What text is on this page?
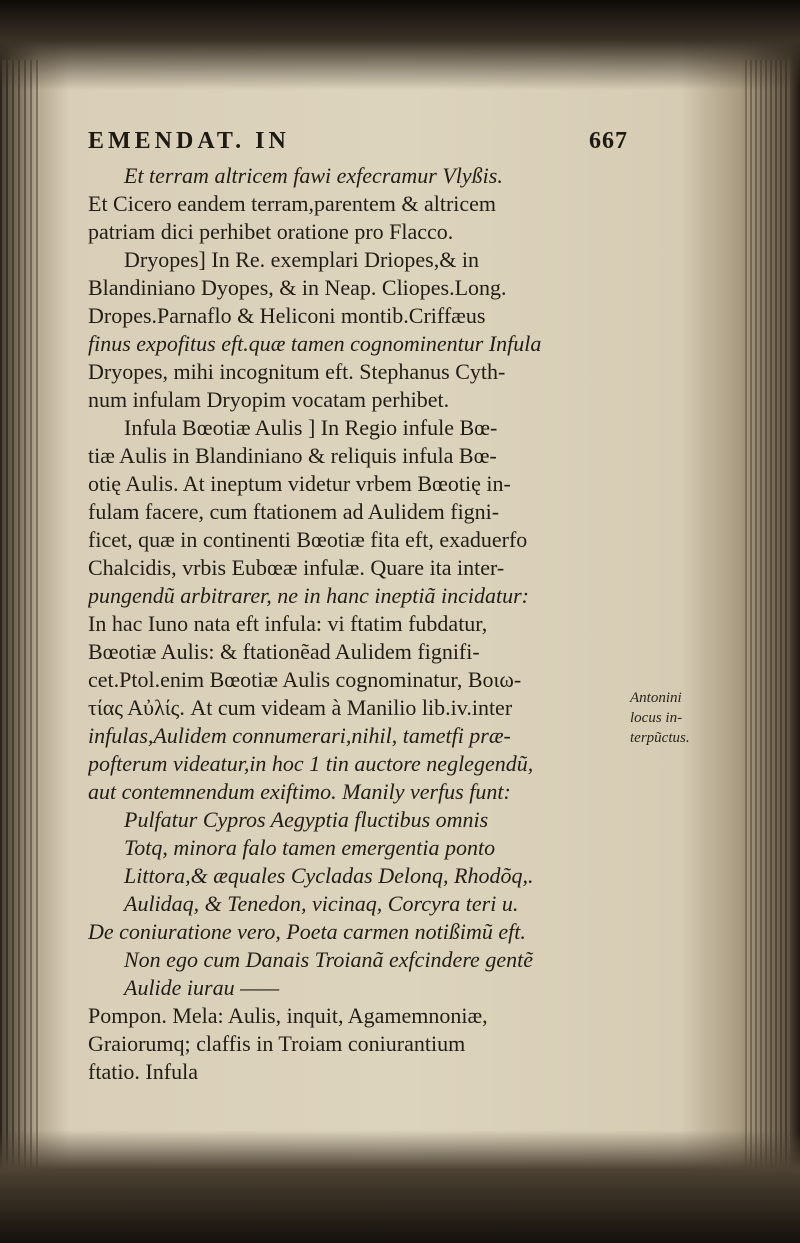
EMENDAT. IN	667
Et terram altricem fawi exfecramur Vlyßis.
Et Cicero eandem terram,parentem & altricem
patriam dici perhibet oratione pro Flacco.
Dryopes] In Re. exemplari Driopes,& in
Blandiniano Dyopes, & in Neap. Cliopes.Long.
Dropes.Parnaflo & Heliconi montib.Criffæus
finus expofitus eft.quæ tamen cognominentur Infula
Dryopes, mihi incognitum eft. Stephanus Cyth-
num infulam Dryopim vocatam perhibet.
Infula Bœotiæ Aulis ] In Regio infule Bœ-
tiæ Aulis in Blandiniano & reliquis infula Bœ-
otię Aulis. At ineptum videtur vrbem Bœotię in-
fulam facere, cum ftationem ad Aulidem figni-
ficet, quæ in continenti Bœotiæ fita eft, exaduerfo
Chalcidis, vrbis Eubœæ infulæ. Quare ita inter-
pungendũ arbitrarer, ne in hanc ineptiã incidatur:
In hac Iuno nata eft infula: vi ftatim fubdatur,
Bœotiæ Aulis: & ftationẽad Aulidem fignifi-
cet.Ptol.enim Bœotiæ Aulis cognominatur, Boιω-
τίας Αὐλίς. At cum videam à Manilio lib.iv.inter
infulas,Aulidem connumerari,nihil, tametfi præ-
pofterum videatur,in hoc 1 tin auctore neglegendũ,
aut contemnendum exiftimo. Manily verfus funt:
Pulfatur Cypros Aegyptia fluctibus omnis
Totq, minora falo tamen emergentia ponto
Littora,& æquales Cycladas Delonq, Rhodõq,.
Aulidaq, & Tenedon, vicinaq, Corcyra teri u.
De coniuratione vero, Poeta carmen notißimũ eft.
Non ego cum Danais Troianã exfcindere gentẽ
Aulide iurau ——
Pompon. Mela: Aulis, inquit, Agamemnoniæ,
Graiorumq; claffis in Troiam coniurantium
ftatio. Infula
Antonini
locus in-
terpũctus.
